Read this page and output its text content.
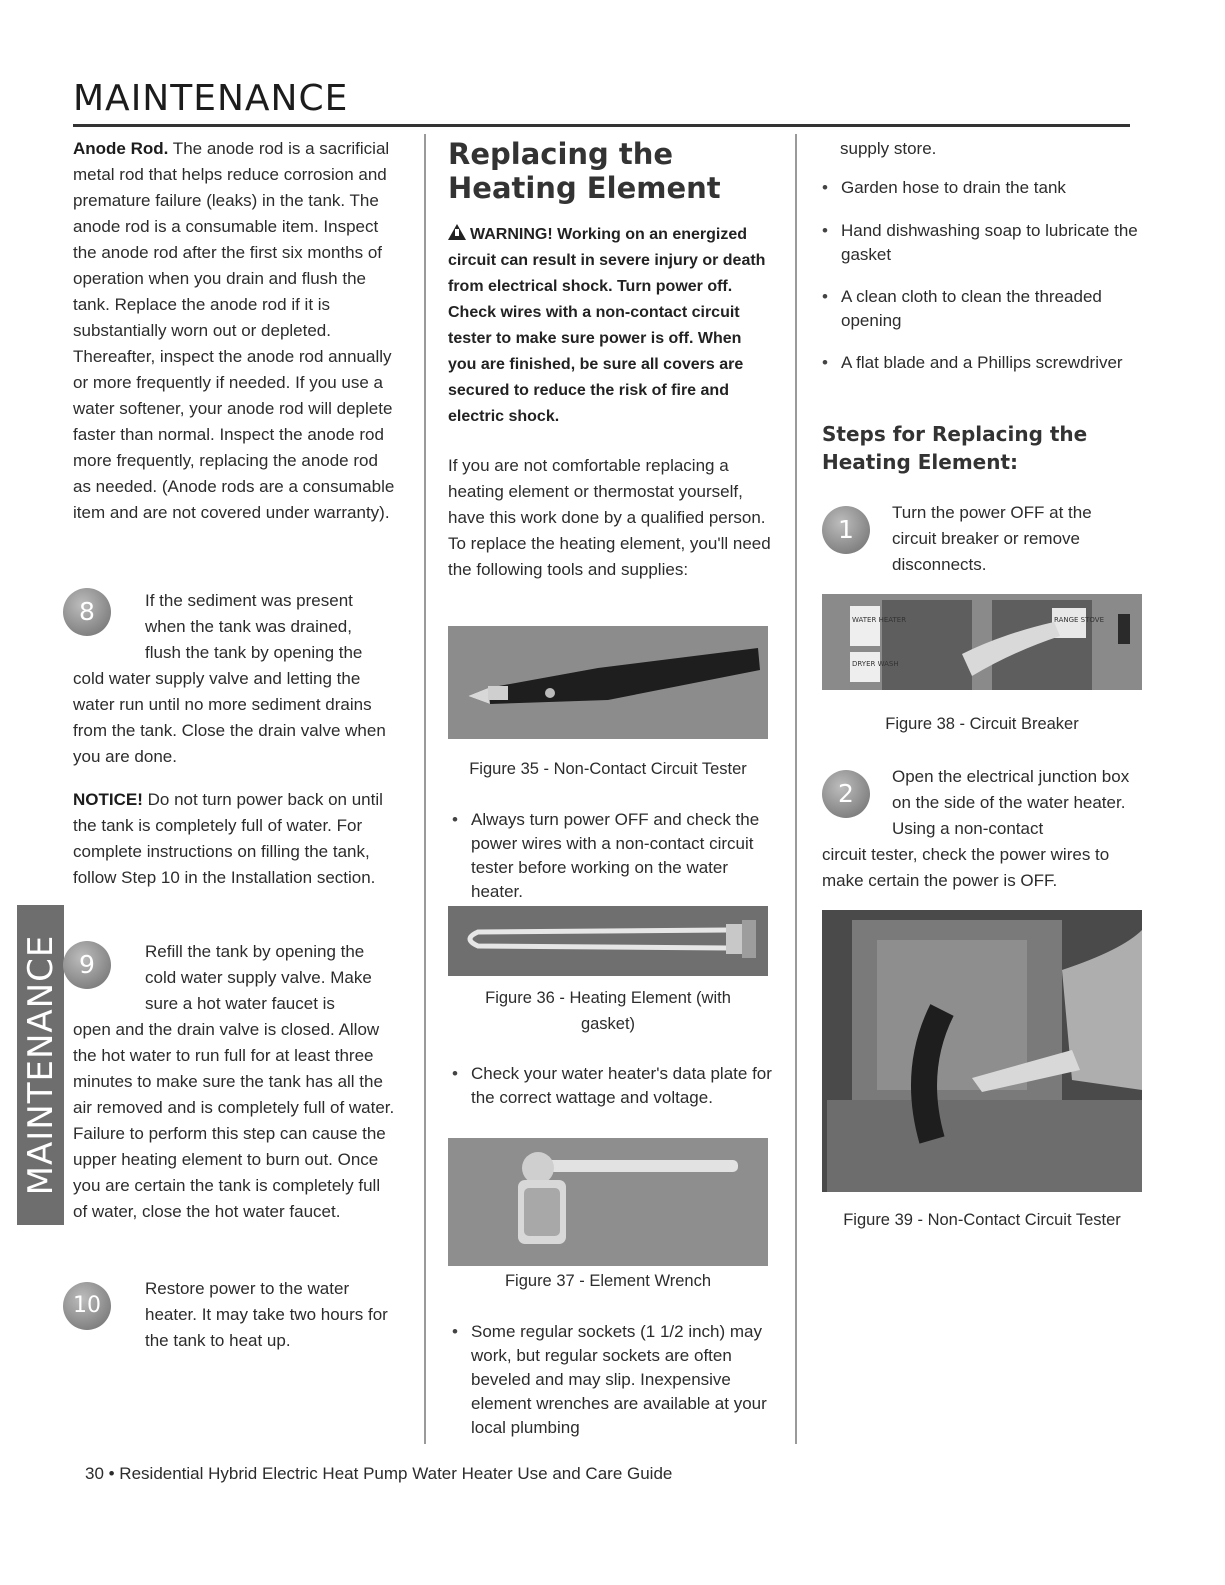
MAINTENANCE
MAINTENANCE
Anode Rod. The anode rod is a sacrificial metal rod that helps reduce corrosion and premature failure (leaks) in the tank. The anode rod is a consumable item. Inspect the anode rod after the first six months of operation when you drain and flush the tank. Replace the anode rod if it is substantially worn out or depleted. Thereafter, inspect the anode rod annually or more frequently if needed. If you use a water softener, your anode rod will deplete faster than normal. Inspect the anode rod more frequently, replacing the anode rod as needed. (Anode rods are a consumable item and are not covered under warranty).
8	If the sediment was present when the tank was drained, flush the tank by opening the
cold water supply valve and letting the water run until no more sediment drains from the tank. Close the drain valve when you are done.
NOTICE! Do not turn power back on until the tank is completely full of water. For complete instructions on filling the tank, follow Step 10 in the Installation section.
9	Refill the tank by opening the cold water supply valve. Make sure a hot water faucet is
open and the drain valve is closed. Allow the hot water to run full for at least three minutes to make sure the tank has all the air removed and is completely full of water. Failure to perform this step can cause the upper heating element to burn out. Once you are certain the tank is completely full of water, close the hot water faucet.
10
Restore power to the water heater. It may take two hours for the tank to heat up.
Replacing the Heating Element
WARNING! Working on an energized circuit can result in severe injury or death from electrical shock. Turn power off. Check wires with a non-contact circuit tester to make sure power is off. When you are finished, be sure all covers are secured to reduce the risk of fire and electric shock.
If you are not comfortable replacing a heating element or thermostat yourself, have this work done by a qualified person. To replace the heating element, you'll need the following tools and supplies:
Figure 35 - Non-Contact Circuit Tester
• Always turn power OFF and check the power wires with a non-contact circuit tester before working on the water heater.
Figure 36 - Heating Element (with gasket)
• Check your water heater's data plate for the correct wattage and voltage.
Figure 37 - Element Wrench
• Some regular sockets (1 1/2 inch) may work, but regular sockets are often beveled and may slip. Inexpensive element wrenches are available at your local plumbing
supply store.
• Garden hose to drain the tank
• Hand dishwashing soap to lubricate the gasket
• A clean cloth to clean the threaded opening
• A flat blade and a Phillips screwdriver
Steps for Replacing the Heating Element:
1
Turn the power OFF at the circuit breaker or remove disconnects.
WATER HEATER	RANGE STOVE
DRYER WASH
Figure 38 - Circuit Breaker
2
Open the electrical junction box on the side of the water heater. Using a non-contact
circuit tester, check the power wires to make certain the power is OFF.
Figure 39 - Non-Contact Circuit Tester
30 • Residential Hybrid Electric Heat Pump Water Heater Use and Care Guide
